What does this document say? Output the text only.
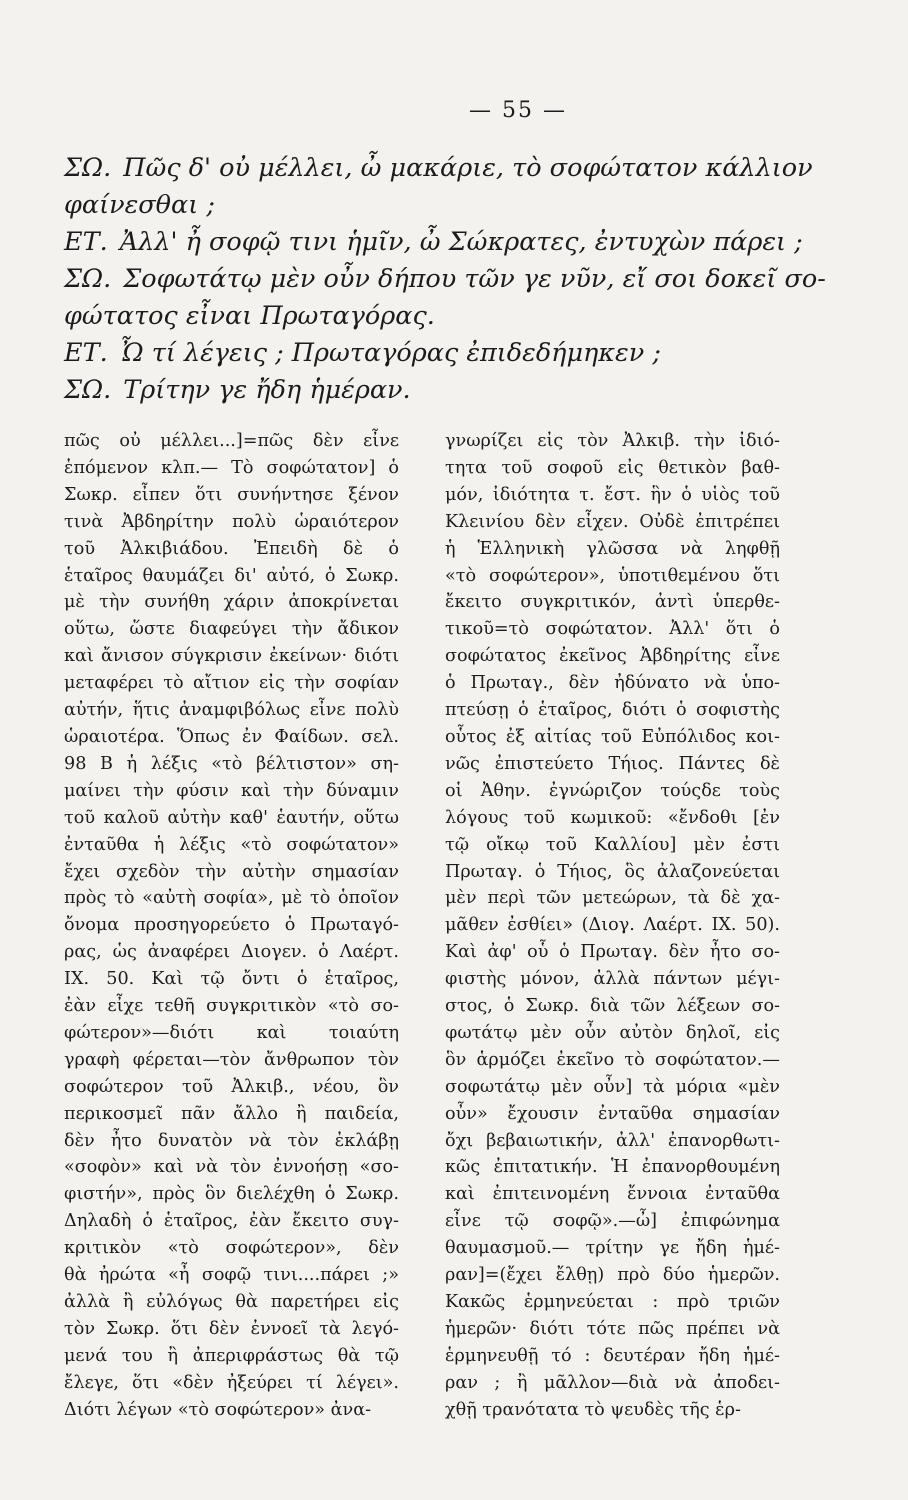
— 55 —
ΣΩ. Πῶς δ' οὐ μέλλει, ὦ μακάριε, τὸ σοφώτατον κάλλιον
φαίνεσθαι ;
ΕΤ. Ἀλλ' ἦ σοφῷ τινι ἡμῖν, ὦ Σώκρατες, ἐντυχὼν πάρει ;
ΣΩ. Σοφωτάτῳ μὲν οὖν δήπου τῶν γε νῦν, εἴ σοι δοκεῖ σο-
φώτατος εἶναι Πρωταγόρας.
ΕΤ. Ὦ τί λέγεις ; Πρωταγόρας ἐπιδεδήμηκεν ;
ΣΩ. Τρίτην γε ἤδη ἡμέραν.
πῶς οὐ μέλλει...]=πῶς δὲν εἶνε
ἑπόμενον κλπ.— Τὸ σοφώτατον] ὁ
Σωκρ. εἶπεν ὅτι συνήντησε ξένον
τινὰ Ἀβδηρίτην πολὺ ὡραιότερον
τοῦ Ἀλκιβιάδου. Ἐπειδὴ δὲ ὁ
ἑταῖρος θαυμάζει δι' αὐτό, ὁ Σωκρ.
μὲ τὴν συνήθη χάριν ἀποκρίνεται
οὕτω, ὥστε διαφεύγει τὴν ἄδικον
καὶ ἄνισον σύγκρισιν ἐκείνων· διότι
μεταφέρει τὸ αἴτιον εἰς τὴν σοφίαν
αὐτήν, ἥτις ἀναμφιβόλως εἶνε πολὺ
ὡραιοτέρα. Ὅπως ἐν Φαίδων. σελ.
98 Β ἡ λέξις «τὸ βέλτιστον» ση-
μαίνει τὴν φύσιν καὶ τὴν δύναμιν
τοῦ καλοῦ αὐτὴν καθ' ἑαυτήν, οὕτω
ἐνταῦθα ἡ λέξις «τὸ σοφώτατον»
ἔχει σχεδὸν τὴν αὐτὴν σημασίαν
πρὸς τὸ «αὐτὴ σοφία», μὲ τὸ ὁποῖον
ὄνομα προσηγορεύετο ὁ Πρωταγό-
ρας, ὡς ἀναφέρει Διογεν. ὁ Λαέρτ.
IX. 50. Καὶ τῷ ὄντι ὁ ἑταῖρος,
ἐὰν εἶχε τεθῆ συγκριτικὸν «τὸ σο-
φώτερον»—διότι καὶ τοιαύτη
γραφὴ φέρεται—τὸν ἄνθρωπον τὸν
σοφώτερον τοῦ Ἀλκιβ., νέου, ὃν
περικοσμεῖ πᾶν ἄλλο ἢ παιδεία,
δὲν ἦτο δυνατὸν νὰ τὸν ἐκλάβῃ
«σοφὸν» καὶ νὰ τὸν ἐννοήσῃ «σο-
φιστήν», πρὸς ὃν διελέχθη ὁ Σωκρ.
Δηλαδὴ ὁ ἑταῖρος, ἐὰν ἔκειτο συγ-
κριτικὸν «τὸ σοφώτερον», δὲν
θὰ ἠρώτα «ἦ σοφῷ τινι....πάρει ;»
ἀλλὰ ἢ εὐλόγως θὰ παρετήρει εἰς
τὸν Σωκρ. ὅτι δὲν ἐννοεῖ τὰ λεγό-
μενά του ἢ ἀπεριφράστως θὰ τῷ
ἔλεγε, ὅτι «δὲν ἠξεύρει τί λέγει».
Διότι λέγων «τὸ σοφώτερον» ἀνα-
γνωρίζει εἰς τὸν Ἀλκιβ. τὴν ἰδιό-
τητα τοῦ σοφοῦ εἰς θετικὸν βαθ-
μόν, ἰδιότητα τ. ἔστ. ἣν ὁ υἱὸς τοῦ
Κλεινίου δὲν εἶχεν. Οὐδὲ ἐπιτρέπει
ἡ Ἑλληνικὴ γλῶσσα νὰ ληφθῇ
«τὸ σοφώτερον», ὑποτιθεμένου ὅτι
ἔκειτο συγκριτικόν, ἀντὶ ὑπερθε-
τικοῦ=τὸ σοφώτατον. Ἀλλ' ὅτι ὁ
σοφώτατος ἐκεῖνος Ἀβδηρίτης εἶνε
ὁ Πρωταγ., δὲν ἠδύνατο νὰ ὑπο-
πτεύσῃ ὁ ἑταῖρος, διότι ὁ σοφιστὴς
οὗτος ἐξ αἰτίας τοῦ Εὐπόλιδος κοι-
νῶς ἐπιστεύετο Τήιος. Πάντες δὲ
οἱ Ἀθην. ἐγνώριζον τούςδε τοὺς
λόγους τοῦ κωμικοῦ: «ἔνδοθι [ἐν
τῷ οἴκῳ τοῦ Καλλίου] μὲν ἐστι
Πρωταγ. ὁ Τήιος, ὃς ἀλαζονεύεται
μὲν περὶ τῶν μετεώρων, τὰ δὲ χα-
μᾶθεν ἐσθίει» (Διογ. Λαέρτ. IX. 50).
Καὶ ἀφ' οὗ ὁ Πρωταγ. δὲν ἦτο σο-
φιστὴς μόνον, ἀλλὰ πάντων μέγι-
στος, ὁ Σωκρ. διὰ τῶν λέξεων σο-
φωτάτῳ μὲν οὖν αὐτὸν δηλοῖ, εἰς
ὃν ἁρμόζει ἐκεῖνο τὸ σοφώτατον.—
σοφωτάτῳ μὲν οὖν] τὰ μόρια «μὲν
οὖν» ἔχουσιν ἐνταῦθα σημασίαν
ὄχι βεβαιωτικήν, ἀλλ' ἐπανορθωτι-
κῶς ἐπιτατικήν. Ἡ ἐπανορθουμένη
καὶ ἐπιτεινομένη ἔννοια ἐνταῦθα
εἶνε τῷ σοφῷ».—ὦ] ἐπιφώνημα
θαυμασμοῦ.— τρίτην γε ἤδη ἡμέ-
ραν]=(ἔχει ἔλθῃ) πρὸ δύο ἡμερῶν.
Κακῶς ἑρμηνεύεται : πρὸ τριῶν
ἡμερῶν· διότι τότε πῶς πρέπει νὰ
ἑρμηνευθῇ τό : δευτέραν ἤδη ἡμέ-
ραν ; ἢ μᾶλλον—διὰ νὰ ἀποδει-
χθῇ τρανότατα τὸ ψευδὲς τῆς ἑρ-
